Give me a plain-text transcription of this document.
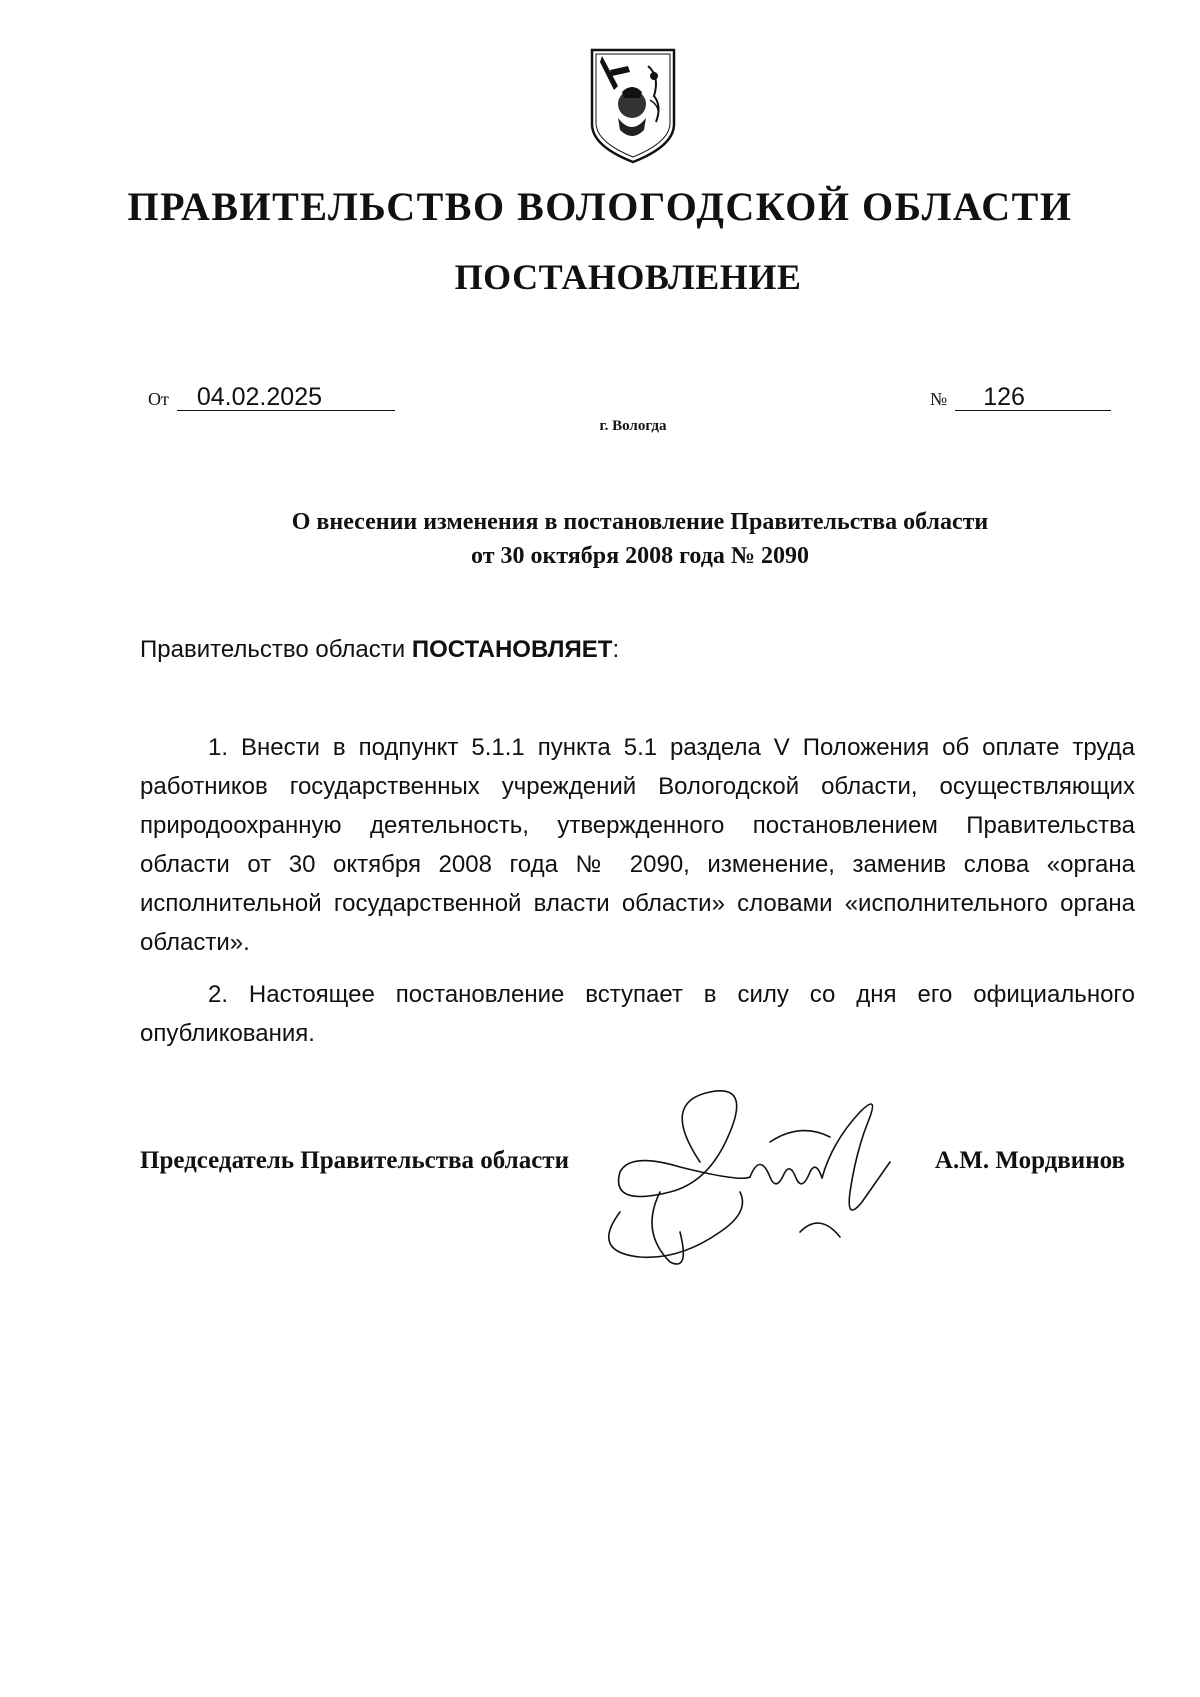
ПРАВИТЕЛЬСТВО ВОЛОГОДСКОЙ ОБЛАСТИ
ПОСТАНОВЛЕНИЕ
От 04.02.2025	№ 126
г. Вологда
О внесении изменения в постановление Правительства области
от 30 октября 2008 года № 2090
Правительство области ПОСТАНОВЛЯЕТ:
1. Внести в подпункт 5.1.1 пункта 5.1 раздела V Положения об оплате труда работников государственных учреждений Вологодской области, осуществляющих природоохранную деятельность, утвержденного постановлением Правительства области от 30 октября 2008 года № 2090, изменение, заменив слова «органа исполнительной государственной власти области» словами «исполнительного органа области».
2. Настоящее постановление вступает в силу со дня его официального опубликования.
Председатель Правительства области	А.М. Мордвинов
